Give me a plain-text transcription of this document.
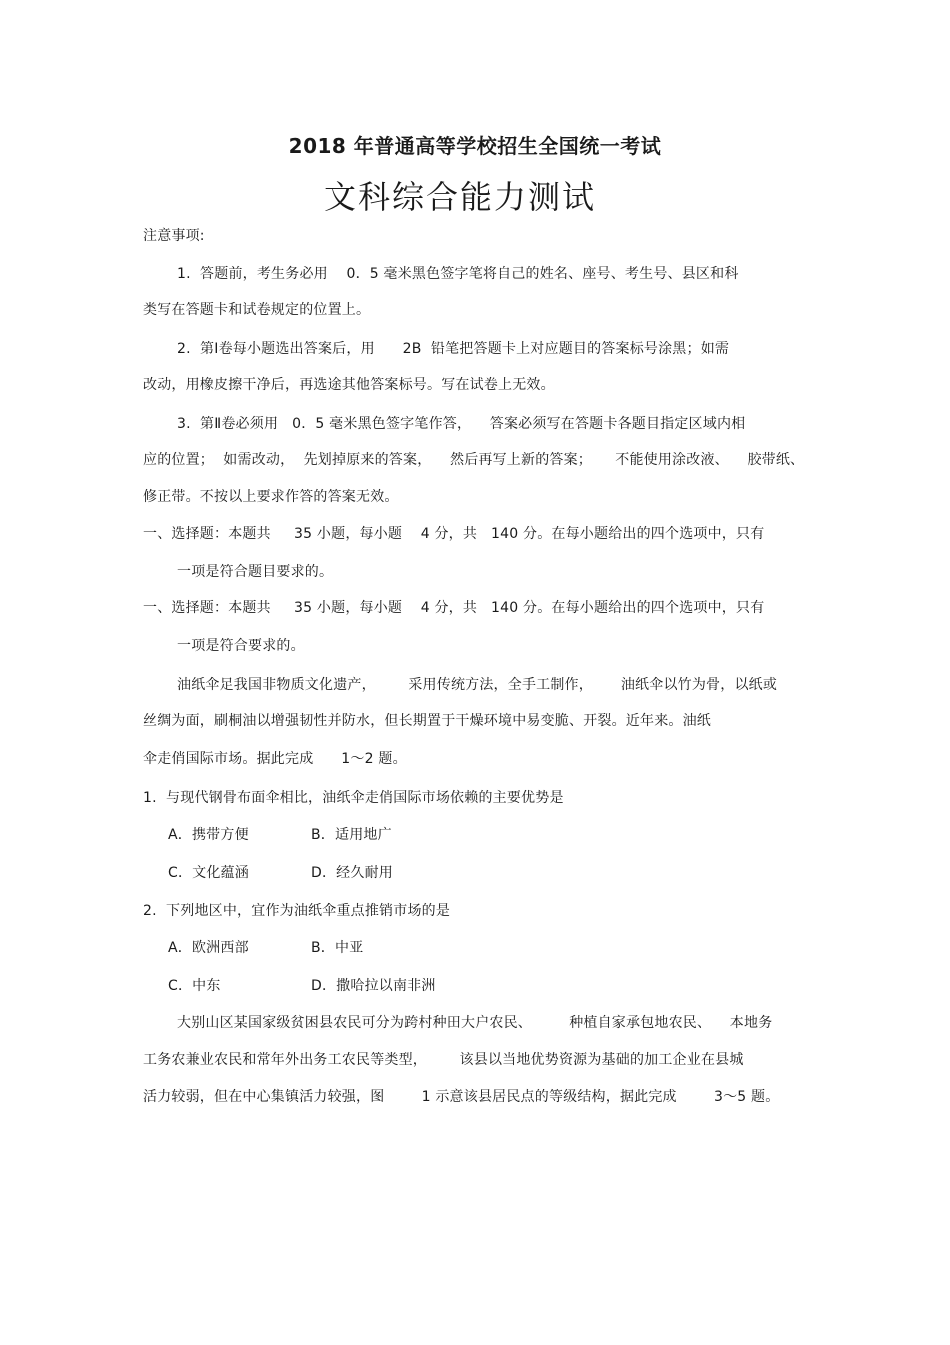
2018 年普通高等学校招生全国统一考试
文科综合能力测试
注意事项:
1.  答题前，考生务必用    0．5 毫米黑色签字笔将自己的姓名、座号、考生号、县区和科
类写在答题卡和试卷规定的位置上。
2.  第Ⅰ卷每小题选出答案后，用      2B  铅笔把答题卡上对应题目的答案标号涂黑；如需
改动，用橡皮擦干净后，再选途其他答案标号。写在试卷上无效。
3.  第Ⅱ卷必须用   0．5 毫米黑色签字笔作答，    答案必须写在答题卡各题目指定区域内相
应的位置；  如需改动，  先划掉原来的答案，    然后再写上新的答案；     不能使用涂改液、    胶带纸、
修正带。不按以上要求作答的答案无效。
一、选择题：本题共     35 小题，每小题    4 分，共   140 分。在每小题给出的四个选项中，只有
一项是符合题目要求的。
一、选择题：本题共     35 小题，每小题    4 分，共   140 分。在每小题给出的四个选项中，只有
一项是符合要求的。
油纸伞足我国非物质文化遗产，       采用传统方法，全手工制作，      油纸伞以竹为骨，以纸或
丝绸为面，刷桐油以增强韧性并防水，但长期置于干燥环境中易变脆、开裂。近年来。油纸
伞走俏国际市场。据此完成      1～2 题。
1.  与现代钢骨布面伞相比，油纸伞走俏国际市场依赖的主要优势是
A．携带方便	B．适用地广
C．文化蕴涵	D．经久耐用
2.  下列地区中，宜作为油纸伞重点推销市场的是
A．欧洲西部	B．中亚
C．中东	D．撒哈拉以南非洲
大别山区某国家级贫困县农民可分为跨村种田大户农民、        种植自家承包地农民、    本地务
工务农兼业农民和常年外出务工农民等类型，       该县以当地优势资源为基础的加工企业在县城
活力较弱，但在中心集镇活力较强，图        1 示意该县居民点的等级结构，据此完成        3～5 题。
